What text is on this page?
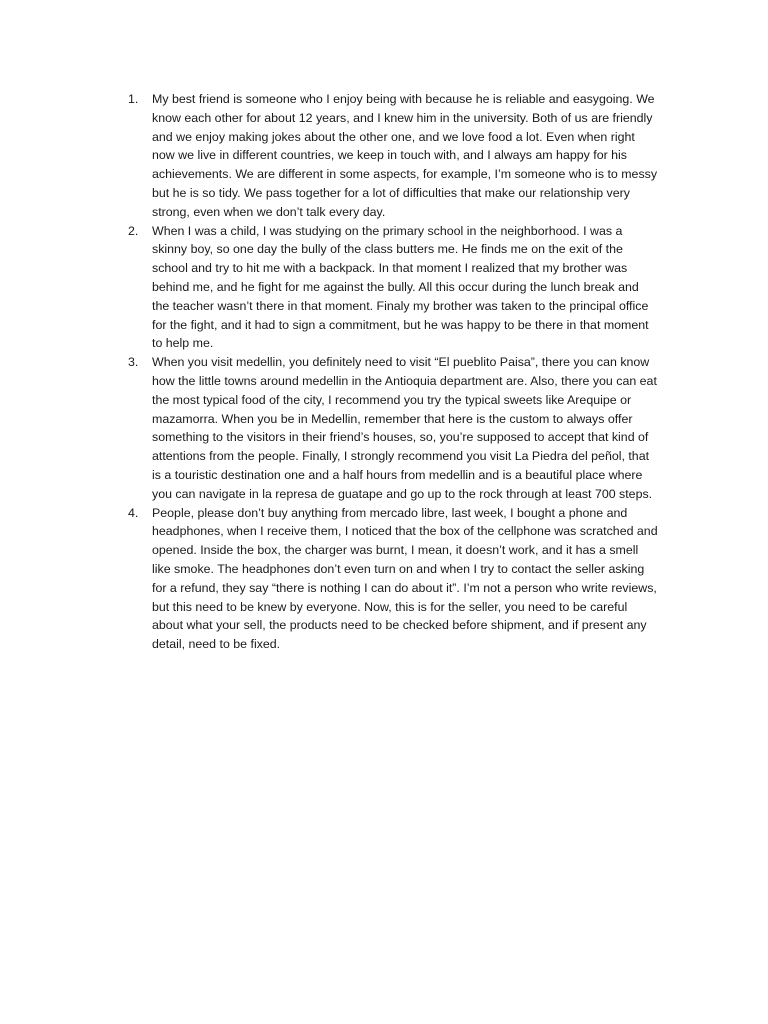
1.	My best friend is someone who I enjoy being with because he is reliable and easygoing. We know each other for about 12 years, and I knew him in the university. Both of us are friendly and we enjoy making jokes about the other one, and we love food a lot. Even when right now we live in different countries, we keep in touch with, and I always am happy for his achievements. We are different in some aspects, for example, I’m someone who is to messy but he is so tidy. We pass together for a lot of difficulties that make our relationship very strong, even when we don’t talk every day.
2.	When I was a child, I was studying on the primary school in the neighborhood. I was a skinny boy, so one day the bully of the class butters me. He finds me on the exit of the school and try to hit me with a backpack. In that moment I realized that my brother was behind me, and he fight for me against the bully. All this occur during the lunch break and the teacher wasn’t there in that moment. Finaly my brother was taken to the principal office for the fight, and it had to sign a commitment, but he was happy to be there in that moment to help me.
3.	When you visit medellin, you definitely need to visit “El pueblito Paisa”, there you can know how the little towns around medellin in the Antioquia department are. Also, there you can eat the most typical food of the city, I recommend you try the typical sweets like Arequipe or mazamorra. When you be in Medellin, remember that here is the custom to always offer something to the visitors in their friend’s houses, so, you’re supposed to accept that kind of attentions from the people. Finally, I strongly recommend you visit La Piedra del peñol, that is a touristic destination one and a half hours from medellin and is a beautiful place where you can navigate in la represa de guatape and go up to the rock through at least 700 steps.
4.	People, please don’t buy anything from mercado libre, last week, I bought a phone and headphones, when I receive them, I noticed that the box of the cellphone was scratched and opened. Inside the box, the charger was burnt, I mean, it doesn’t work, and it has a smell like smoke. The headphones don’t even turn on and when I try to contact the seller asking for a refund, they say “there is nothing I can do about it”. I’m not a person who write reviews, but this need to be knew by everyone. Now, this is for the seller, you need to be careful about what your sell, the products need to be checked before shipment, and if present any detail, need to be fixed.
